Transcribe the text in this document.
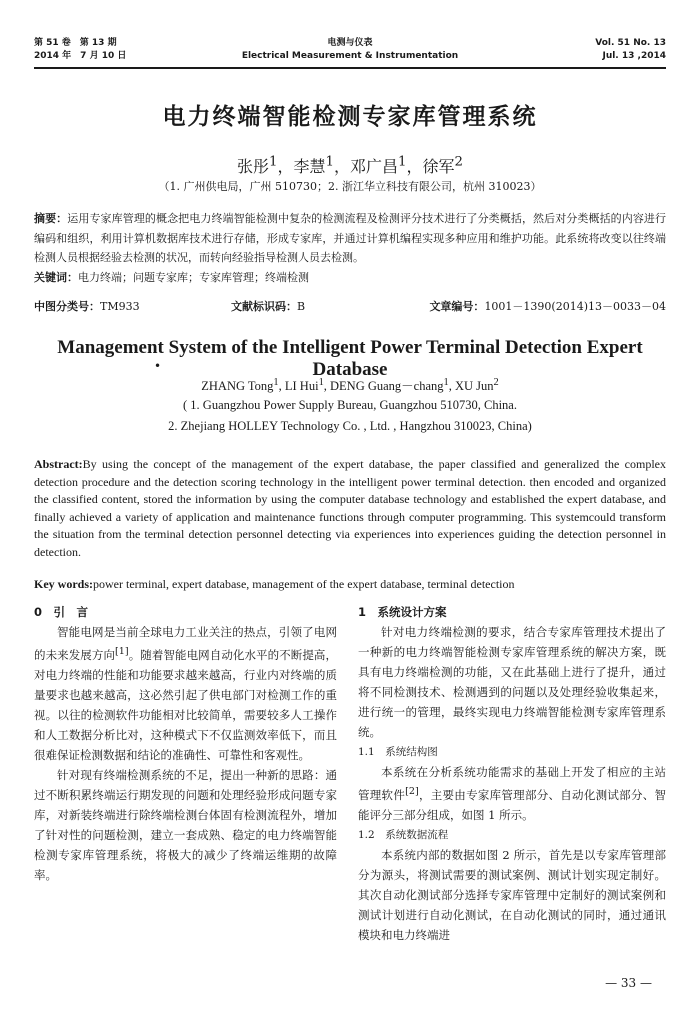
第 51 卷　第 13 期
2014 年　7 月 10 日
电测与仪表
Electrical Measurement & Instrumentation
Vol. 51 No. 13
Jul. 13 ,2014
电力终端智能检测专家库管理系统
张彤$^1$，李慧$^1$，邓广昌$^1$，徐军$^2$
（1. 广州供电局，广州 510730；2. 浙江华立科技有限公司，杭州 310023）
摘要：运用专家库管理的概念把电力终端智能检测中复杂的检测流程及检测评分技术进行了分类概括，然后对分类概括的内容进行编码和组织，利用计算机数据库技术进行存储，形成专家库，并通过计算机编程实现多种应用和维护功能。此系统将改变以往终端检测人员根据经验去检测的状况，而转向经验指导检测人员去检测。
关键词：电力终端；问题专家库；专家库管理；终端检测
中图分类号：TM933	文献标识码：B	文章编号：1001－1390(2014)13－0033－04
Management System of the Intelligent Power Terminal Detection Expert Database
•
ZHANG Tong$^1$, LI Hui$^1$, DENG Guang－chang$^1$, XU Jun$^2$
( 1. Guangzhou Power Supply Bureau, Guangzhou 510730, China.
2. Zhejiang HOLLEY Technology Co. , Ltd. , Hangzhou 310023, China)
Abstract:By using the concept of the management of the expert database, the paper classified and generalized the complex detection procedure and the detection scoring technology in the intelligent power terminal detection. then encoded and organized the classified content, stored the information by using the computer database technology and established the expert database, and finally achieved a variety of application and maintenance functions through computer programming. This systemcould transform the situation from the terminal detection personnel detecting via experiences into experiences guiding the detection personnel in detection.
Key words:power terminal, expert database, management of the expert database, terminal detection
0　引　言

智能电网是当前全球电力工业关注的热点，引领了电网的未来发展方向[1]。随着智能电网自动化水平的不断提高，对电力终端的性能和功能要求越来越高，行业内对终端的质量要求也越来越高，这必然引起了供电部门对检测工作的重视。以往的检测软件功能相对比较简单，需要较多人工操作和人工数据分析比对，这种模式下不仅监测效率低下，而且很难保证检测数据和结论的准确性、可靠性和客观性。

针对现有终端检测系统的不足，提出一种新的思路：通过不断积累终端运行期发现的问题和处理经验形成问题专家库，对新装终端进行除终端检测台体固有检测流程外，增加了针对性的问题检测，建立一套成熟、稳定的电力终端智能检测专家库管理系统，将极大的减少了终端运维期的故障率。

1　系统设计方案

针对电力终端检测的要求，结合专家库管理技术提出了一种新的电力终端智能检测专家库管理系统的解决方案，既具有电力终端检测的功能，又在此基础上进行了提升，通过将不同检测技术、检测遇到的问题以及处理经验收集起来，进行统一的管理，最终实现电力终端智能检测专家库管理系统。

1.1　系统结构图

本系统在分析系统功能需求的基础上开发了相应的主站管理软件[2]，主要由专家库管理部分、自动化测试部分、智能评分三部分组成，如图 1 所示。

1.2　系统数据流程

本系统内部的数据如图 2 所示，首先是以专家库管理部分为源头，将测试需要的测试案例、测试计划实现定制好。其次自动化测试部分选择专家库管理中定制好的测试案例和测试计划进行自动化测试，在自动化测试的同时，通过通讯模块和电力终端进

— 33 —
